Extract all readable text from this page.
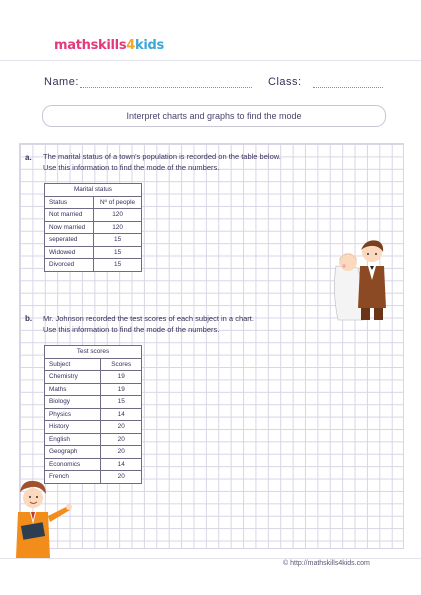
mathskills4kids
Name:	Class:
Interpret charts and graphs to find the mode
a. The marital status of a town's population is recorded on the table below.
Use this information to find the mode of the numbers.
Marital status	
Status	Nº of people
Not married	120
Now married	120
seperated	15
Widowed	15
Divorced	15
b. Mr. Johnson recorded the test scores of each subject in a chart.
Use this information to find the mode of the numbers.
Test scores	
Subject	Scores
Chemistry	19
Maths	19
Biology	15
Physics	14
History	20
English	20
Geograph	20
Economics	14
French	20
© http://mathskills4kids.com
